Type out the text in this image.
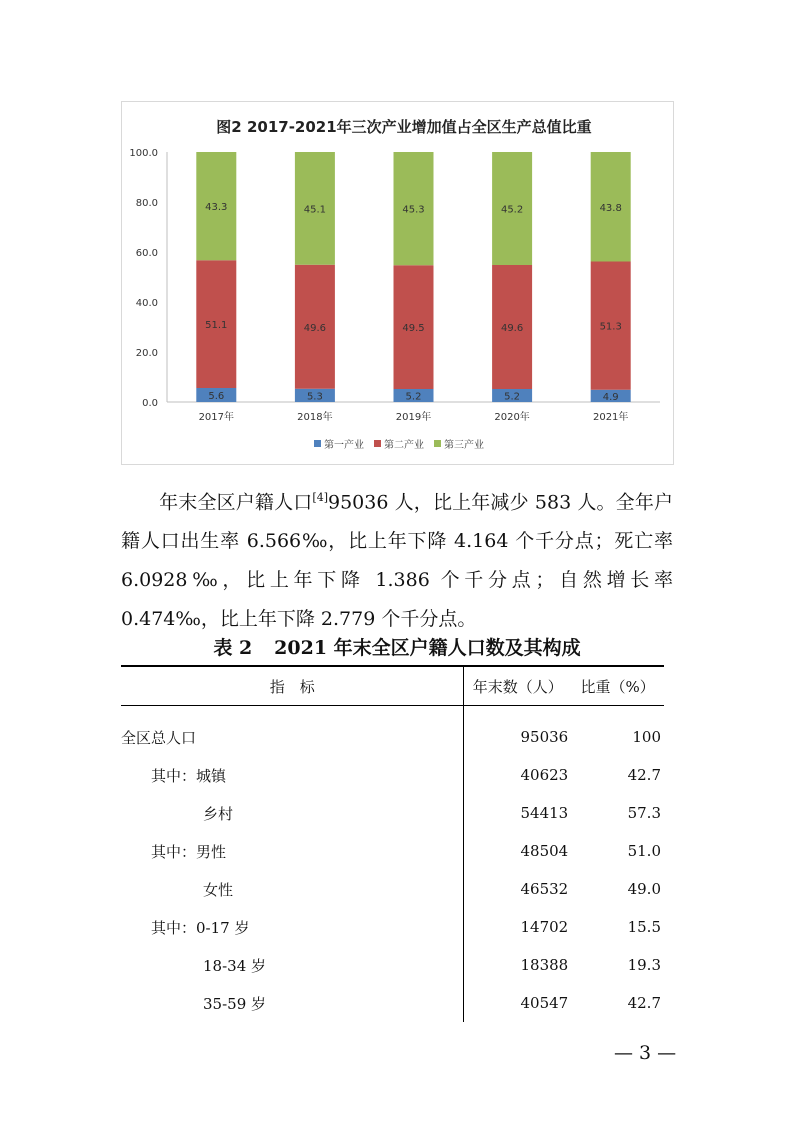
图2 2017-2021年三次产业增加值占全区生产总值比重
0.0
20.0
40.0
60.0
80.0
100.0
5.6
51.1
43.3
2017年
5.3
49.6
45.1
2018年
5.2
49.5
45.3
2019年
5.2
49.6
45.2
2020年
4.9
51.3
43.8
2021年
第一产业 第二产业 第三产业

年末全区户籍人口[4]95036 人，比上年减少 583 人。全年户籍人口出生率 6.566‰，比上年下降 4.164 个千分点；死亡率 6.0928‰，比上年下降 1.386 个千分点；自然增长率 0.474‰，比上年下降 2.779 个千分点。

表 2 2021 年末全区户籍人口数及其构成
指　标	年末数（人）	比重（%）
全区总人口	95036	100
其中：城镇	40623	42.7
乡村	54413	57.3
其中：男性	48504	51.0
女性	46532	49.0
其中：0-17 岁	14702	15.5
18-34 岁	18388	19.3
35-59 岁	40547	42.7
— 3 —
